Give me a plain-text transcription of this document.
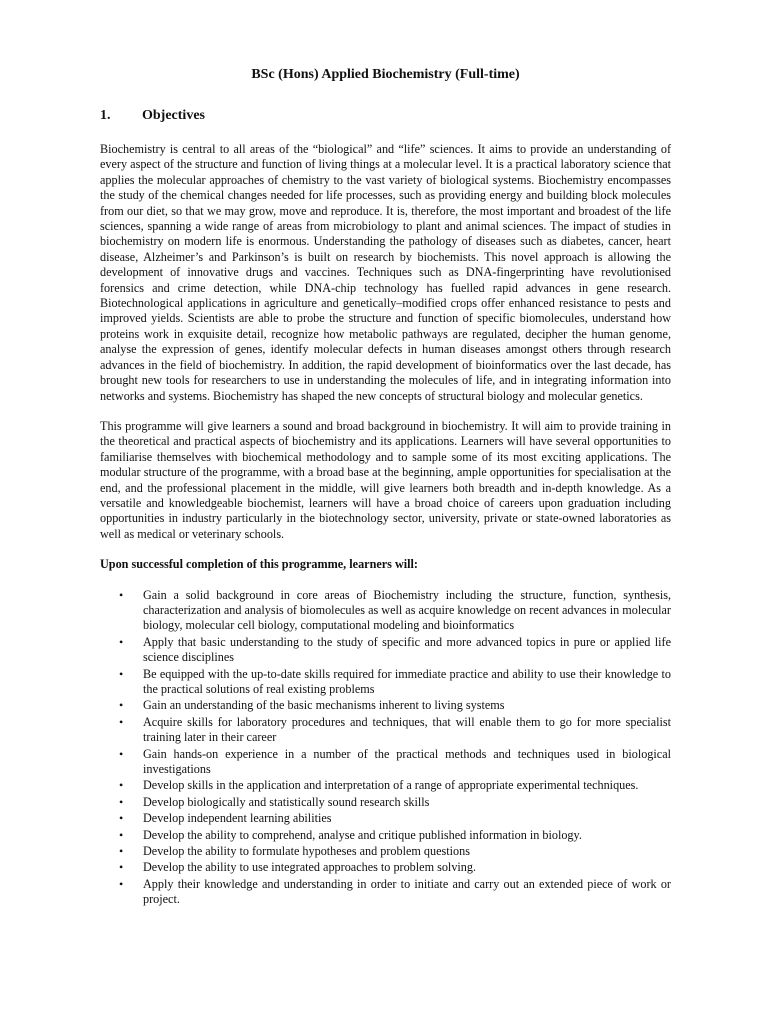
BSc (Hons) Applied Biochemistry (Full-time)
1.	Objectives

Biochemistry is central to all areas of the “biological” and “life” sciences. It aims to provide an understanding of every aspect of the structure and function of living things at a molecular level. It is a practical laboratory science that applies the molecular approaches of chemistry to the vast variety of biological systems. Biochemistry encompasses the study of the chemical changes needed for life processes, such as providing energy and building block molecules from our diet, so that we may grow, move and reproduce. It is, therefore, the most important and broadest of the life sciences, spanning a wide range of areas from microbiology to plant and animal sciences. The impact of studies in biochemistry on modern life is enormous. Understanding the pathology of diseases such as diabetes, cancer, heart disease, Alzheimer’s and Parkinson’s is built on research by biochemists. This novel approach is allowing the development of innovative drugs and vaccines. Techniques such as DNA-fingerprinting have revolutionised forensics and crime detection, while DNA-chip technology has fuelled rapid advances in gene research. Biotechnological applications in agriculture and genetically–modified crops offer enhanced resistance to pests and improved yields. Scientists are able to probe the structure and function of specific biomolecules, understand how proteins work in exquisite detail, recognize how metabolic pathways are regulated, decipher the human genome, analyse the expression of genes, identify molecular defects in human diseases amongst others through research advances in the field of biochemistry. In addition, the rapid development of bioinformatics over the last decade, has brought new tools for researchers to use in understanding the molecules of life, and in integrating information into networks and systems. Biochemistry has shaped the new concepts of structural biology and molecular genetics.

This programme will give learners a sound and broad background in biochemistry. It will aim to provide training in the theoretical and practical aspects of biochemistry and its applications. Learners will have several opportunities to familiarise themselves with biochemical methodology and to sample some of its most exciting applications. The modular structure of the programme, with a broad base at the beginning, ample opportunities for specialisation at the end, and the professional placement in the middle, will give learners both breadth and in-depth knowledge. As a versatile and knowledgeable biochemist, learners will have a broad choice of careers upon graduation including opportunities in industry particularly in the biotechnology sector, university, private or state-owned laboratories as well as medical or veterinary schools.

Upon successful completion of this programme, learners will:
• Gain a solid background in core areas of Biochemistry including the structure, function, synthesis, characterization and analysis of biomolecules as well as acquire knowledge on recent advances in molecular biology, molecular cell biology, computational modeling and bioinformatics
• Apply that basic understanding to the study of specific and more advanced topics in pure or applied life science disciplines
• Be equipped with the up-to-date skills required for immediate practice and ability to use their knowledge to the practical solutions of real existing problems
• Gain an understanding of the basic mechanisms inherent to living systems
• Acquire skills for laboratory procedures and techniques, that will enable them to go for more specialist training later in their career
• Gain hands-on experience in a number of the practical methods and techniques used in biological investigations
• Develop skills in the application and interpretation of a range of appropriate experimental techniques.
• Develop biologically and statistically sound research skills
• Develop independent learning abilities
• Develop the ability to comprehend, analyse and critique published information in biology.
• Develop the ability to formulate hypotheses and problem questions
• Develop the ability to use integrated approaches to problem solving.
• Apply their knowledge and understanding in order to initiate and carry out an extended piece of work or project.
